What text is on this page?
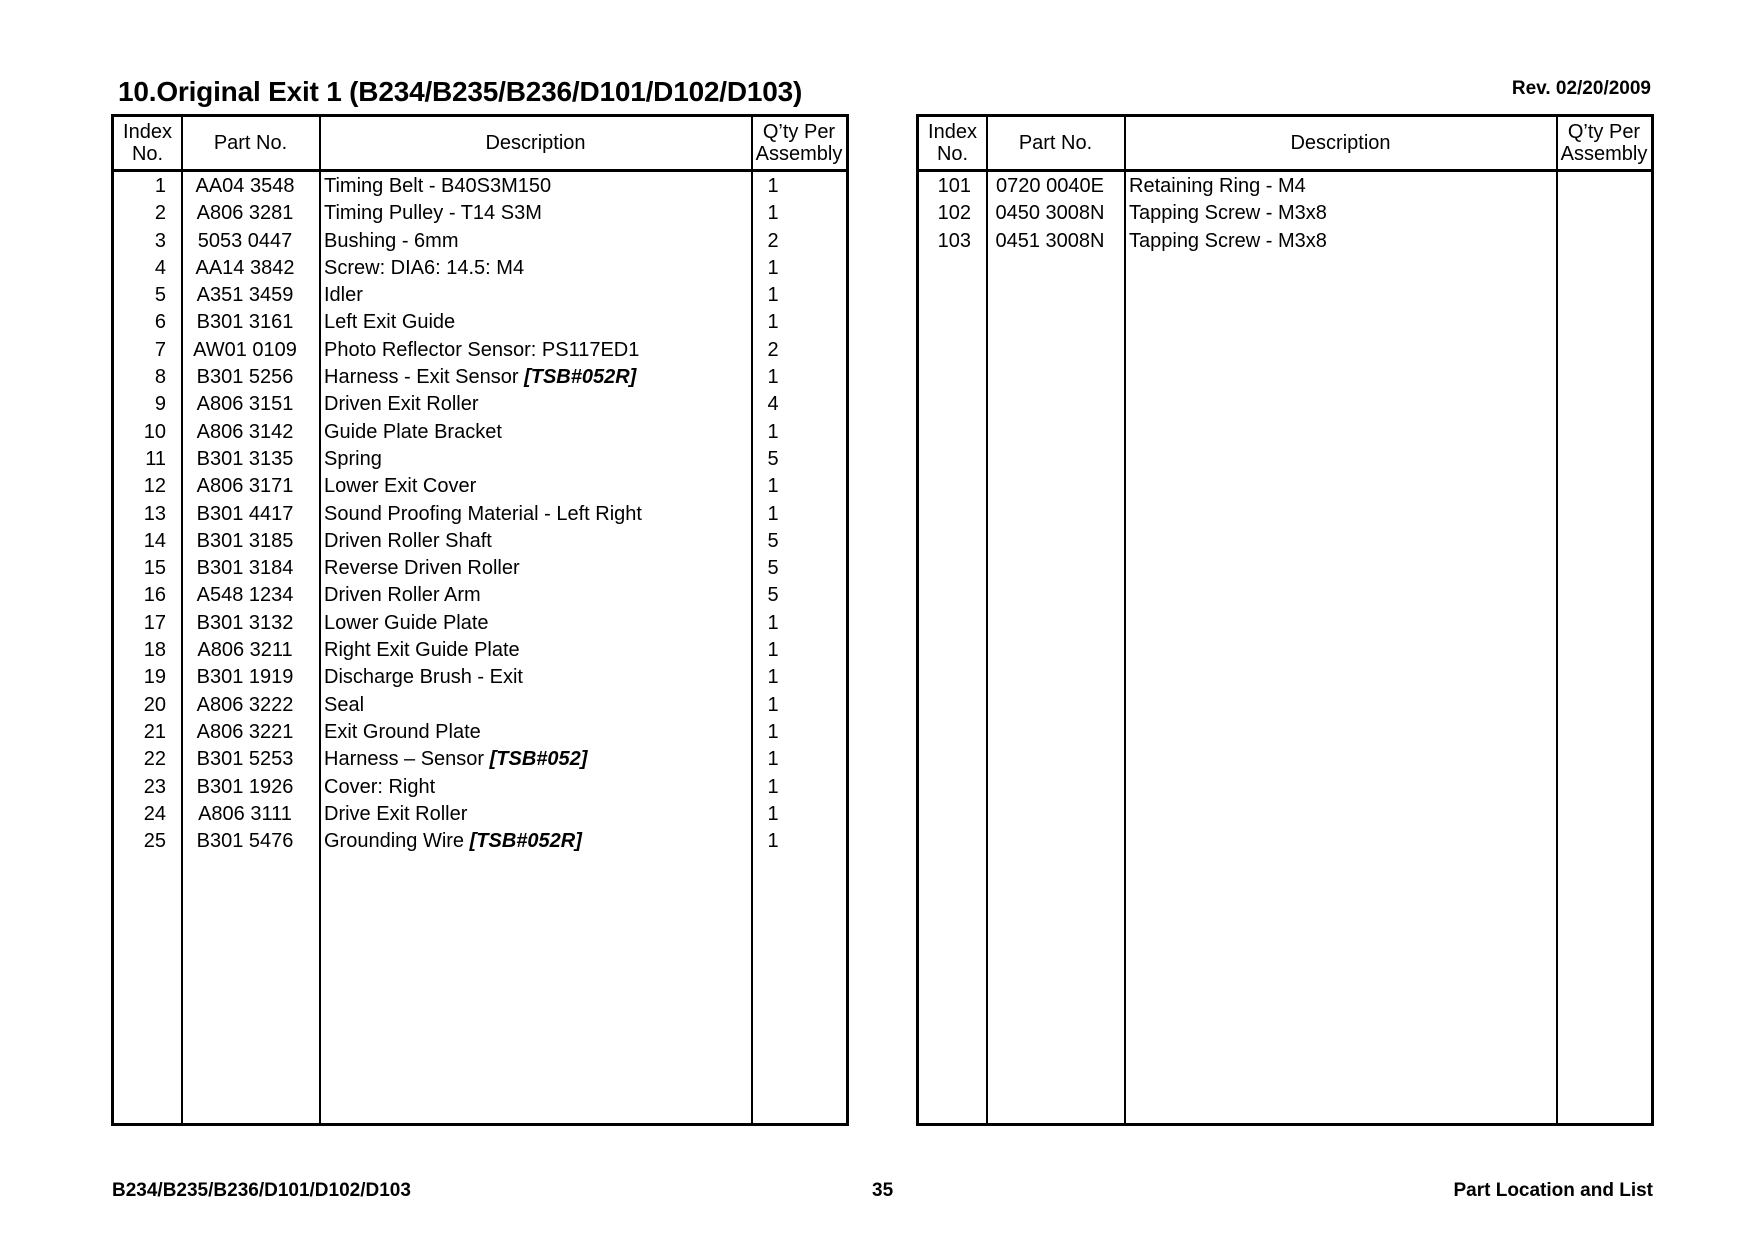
10.Original Exit 1 (B234/B235/B236/D101/D102/D103)	Rev. 02/20/2009
Index
No.	Part No.	Description	Q’ty Per
Assembly
1	AA04 3548	Timing Belt - B40S3M150	1
2	A806 3281	Timing Pulley - T14 S3M	1
3	5053 0447	Bushing - 6mm	2
4	AA14 3842	Screw: DIA6: 14.5: M4	1
5	A351 3459	Idler	1
6	B301 3161	Left Exit Guide	1
7	AW01 0109	Photo Reflector Sensor: PS117ED1	2
8	B301 5256	Harness - Exit Sensor [TSB#052R]	1
9	A806 3151	Driven Exit Roller	4
10	A806 3142	Guide Plate Bracket	1
11	B301 3135	Spring	5
12	A806 3171	Lower Exit Cover	1
13	B301 4417	Sound Proofing Material - Left Right	1
14	B301 3185	Driven Roller Shaft	5
15	B301 3184	Reverse Driven Roller	5
16	A548 1234	Driven Roller Arm	5
17	B301 3132	Lower Guide Plate	1
18	A806 3211	Right Exit Guide Plate	1
19	B301 1919	Discharge Brush - Exit	1
20	A806 3222	Seal	1
21	A806 3221	Exit Ground Plate	1
22	B301 5253	Harness – Sensor [TSB#052]	1
23	B301 1926	Cover: Right	1
24	A806 3111	Drive Exit Roller	1
25	B301 5476	Grounding Wire [TSB#052R]	1
Index
No.	Part No.	Description	Q’ty Per
Assembly
101	0720 0040E	Retaining Ring - M4
102	0450 3008N	Tapping Screw - M3x8
103	0451 3008N	Tapping Screw - M3x8
B234/B235/B236/D101/D102/D103	35	Part Location and List
